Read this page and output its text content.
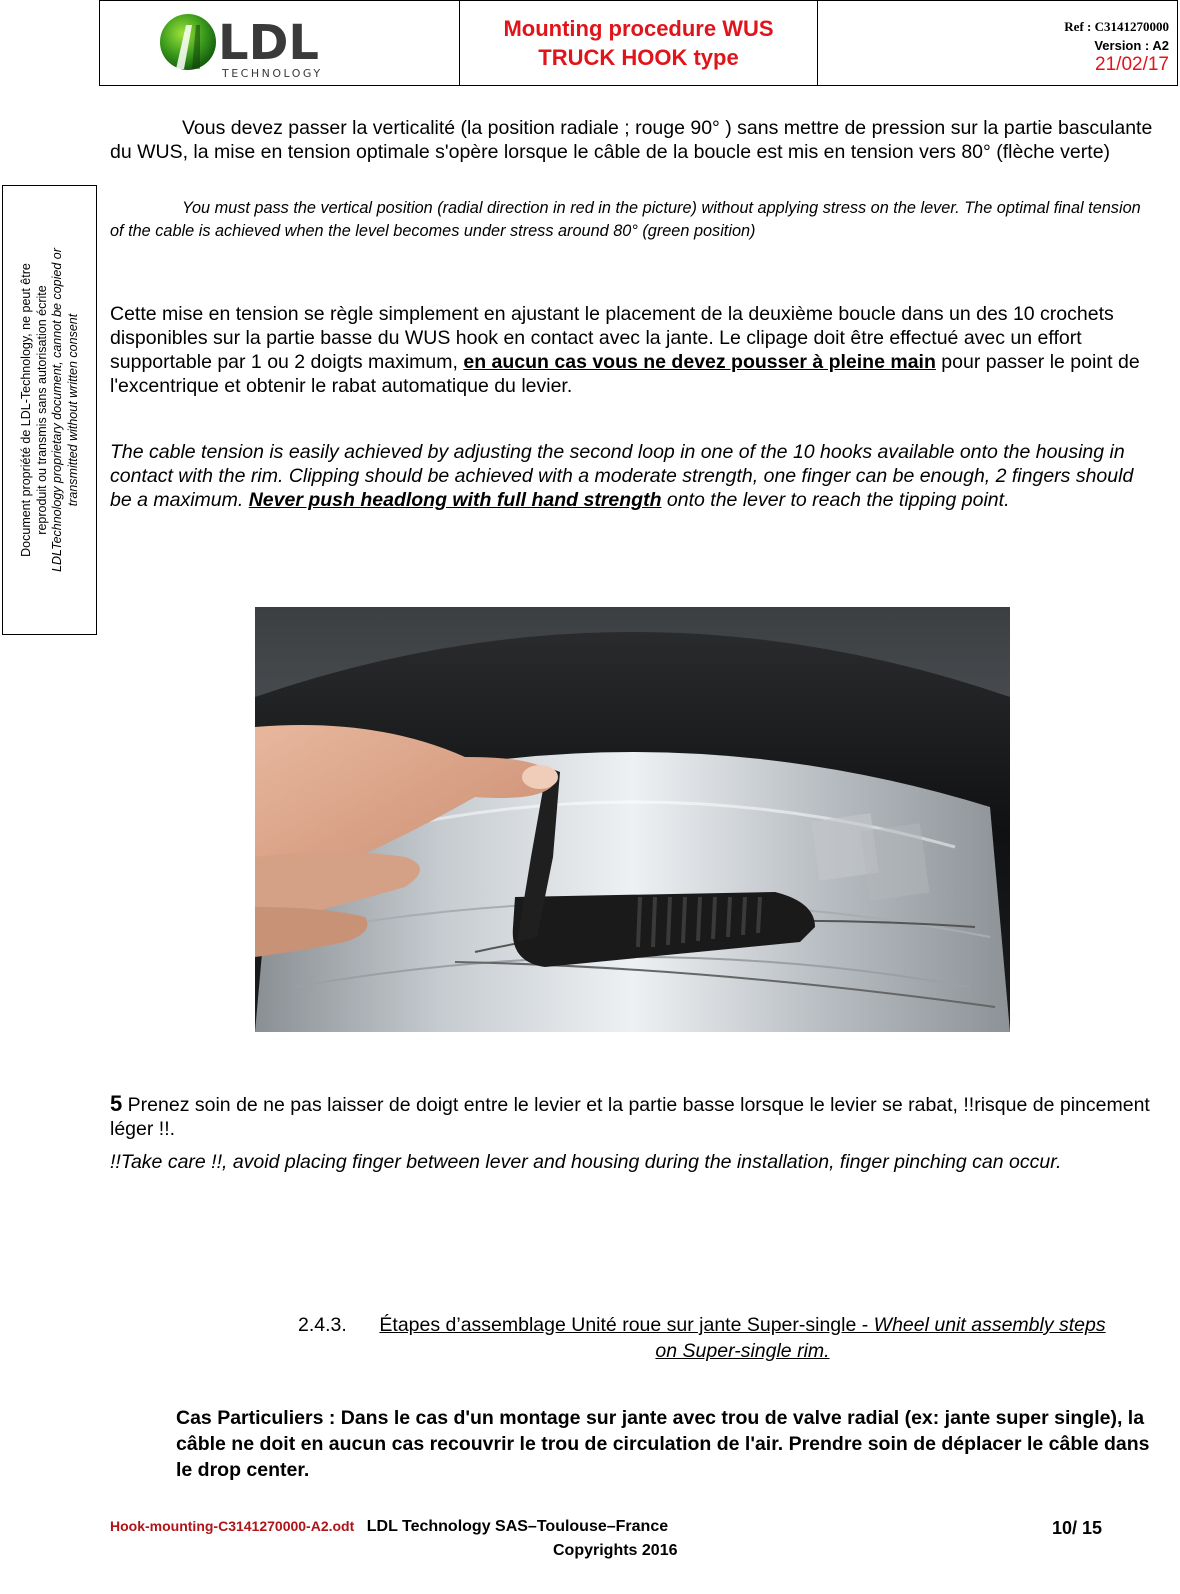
LDL
TECHNOLOGY
Mounting procedure WUS
TRUCK HOOK type
Ref : C3141270000
Version : A2
21/02/17
Document propriété de LDL-Technology, ne peut être reproduit ou transmis sans autorisation écrite LDLTechnology proprietary document, cannot be copied or transmitted without written consent
Vous devez passer la verticalité (la position radiale ; rouge 90° ) sans mettre de pression sur la partie basculante du WUS, la mise en tension optimale s'opère lorsque le câble de la boucle est mis en tension vers 80° (flèche verte)
You must pass the vertical position (radial direction in red in the picture) without applying stress on the lever. The optimal final tension of the cable is achieved when the level becomes under stress around 80° (green position)
Cette mise en tension se règle simplement en ajustant le placement de la deuxième boucle dans un des 10 crochets disponibles sur la partie basse du WUS hook en contact avec la jante. Le clipage doit être effectué avec un effort supportable par 1 ou 2 doigts maximum, en aucun cas vous ne devez pousser à pleine main pour passer le point de l'excentrique et obtenir le rabat automatique du levier.
The cable tension is easily achieved by adjusting the second loop in one of the 10 hooks available onto the housing in contact with the rim. Clipping should be achieved with a moderate strength, one finger can be enough, 2 fingers should be a maximum. Never push headlong with full hand strength onto the lever to reach the tipping point.
5 Prenez soin de ne pas laisser de doigt entre le levier et la partie basse lorsque le levier se rabat, !!risque de pincement léger !!.
!!Take care !!, avoid placing finger between lever and housing during the installation, finger pinching can occur.
2.4.3.	Étapes d’assemblage Unité roue sur jante Super-single - Wheel unit assembly steps on Super-single rim.
Cas Particuliers : Dans le cas d'un montage sur jante avec trou de valve radial (ex: jante super single), la câble ne doit en aucun cas recouvrir le trou de circulation de l'air. Prendre soin de déplacer le câble dans le drop center.
Hook-mounting-C3141270000-A2.odt LDL Technology SAS–Toulouse–France	10/ 15
Copyrights 2016
